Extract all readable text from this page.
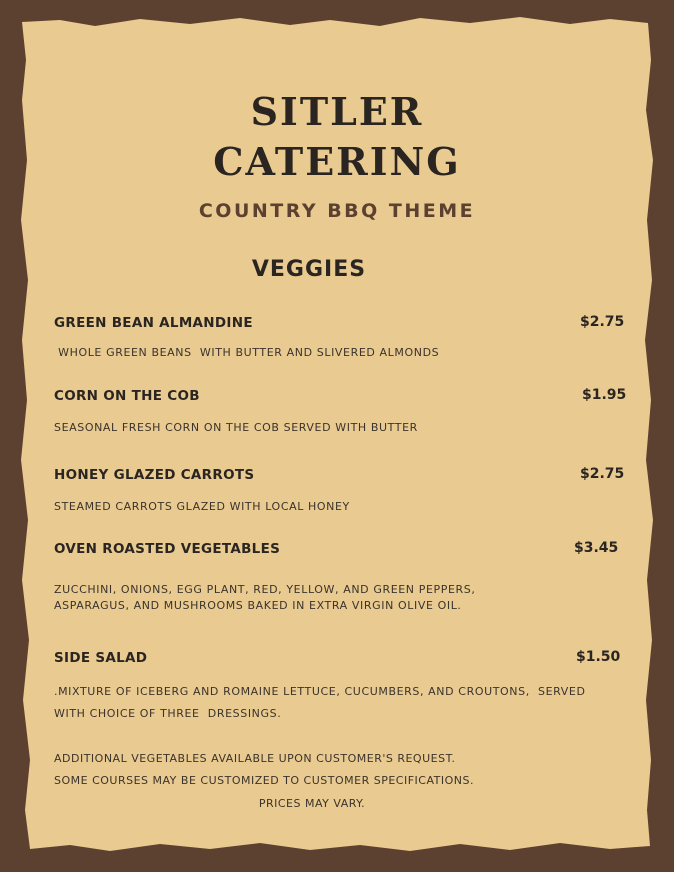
SITLER
CATERING
COUNTRY BBQ THEME
VEGGIES
GREEN BEAN ALMANDINE	$2.75
WHOLE GREEN BEANS  WITH BUTTER AND SLIVERED ALMONDS
CORN ON THE COB	$1.95
SEASONAL FRESH CORN ON THE COB SERVED WITH BUTTER
HONEY GLAZED CARROTS	$2.75
STEAMED CARROTS GLAZED WITH LOCAL HONEY
OVEN ROASTED VEGETABLES	$3.45
ZUCCHINI, ONIONS, EGG PLANT, RED, YELLOW, AND GREEN PEPPERS,
ASPARAGUS, AND MUSHROOMS BAKED IN EXTRA VIRGIN OLIVE OIL.
SIDE SALAD	$1.50
.MIXTURE OF ICEBERG AND ROMAINE LETTUCE, CUCUMBERS, AND CROUTONS,  SERVED
WITH CHOICE OF THREE  DRESSINGS.
ADDITIONAL VEGETABLES AVAILABLE UPON CUSTOMER'S REQUEST.
SOME COURSES MAY BE CUSTOMIZED TO CUSTOMER SPECIFICATIONS.
PRICES MAY VARY.
